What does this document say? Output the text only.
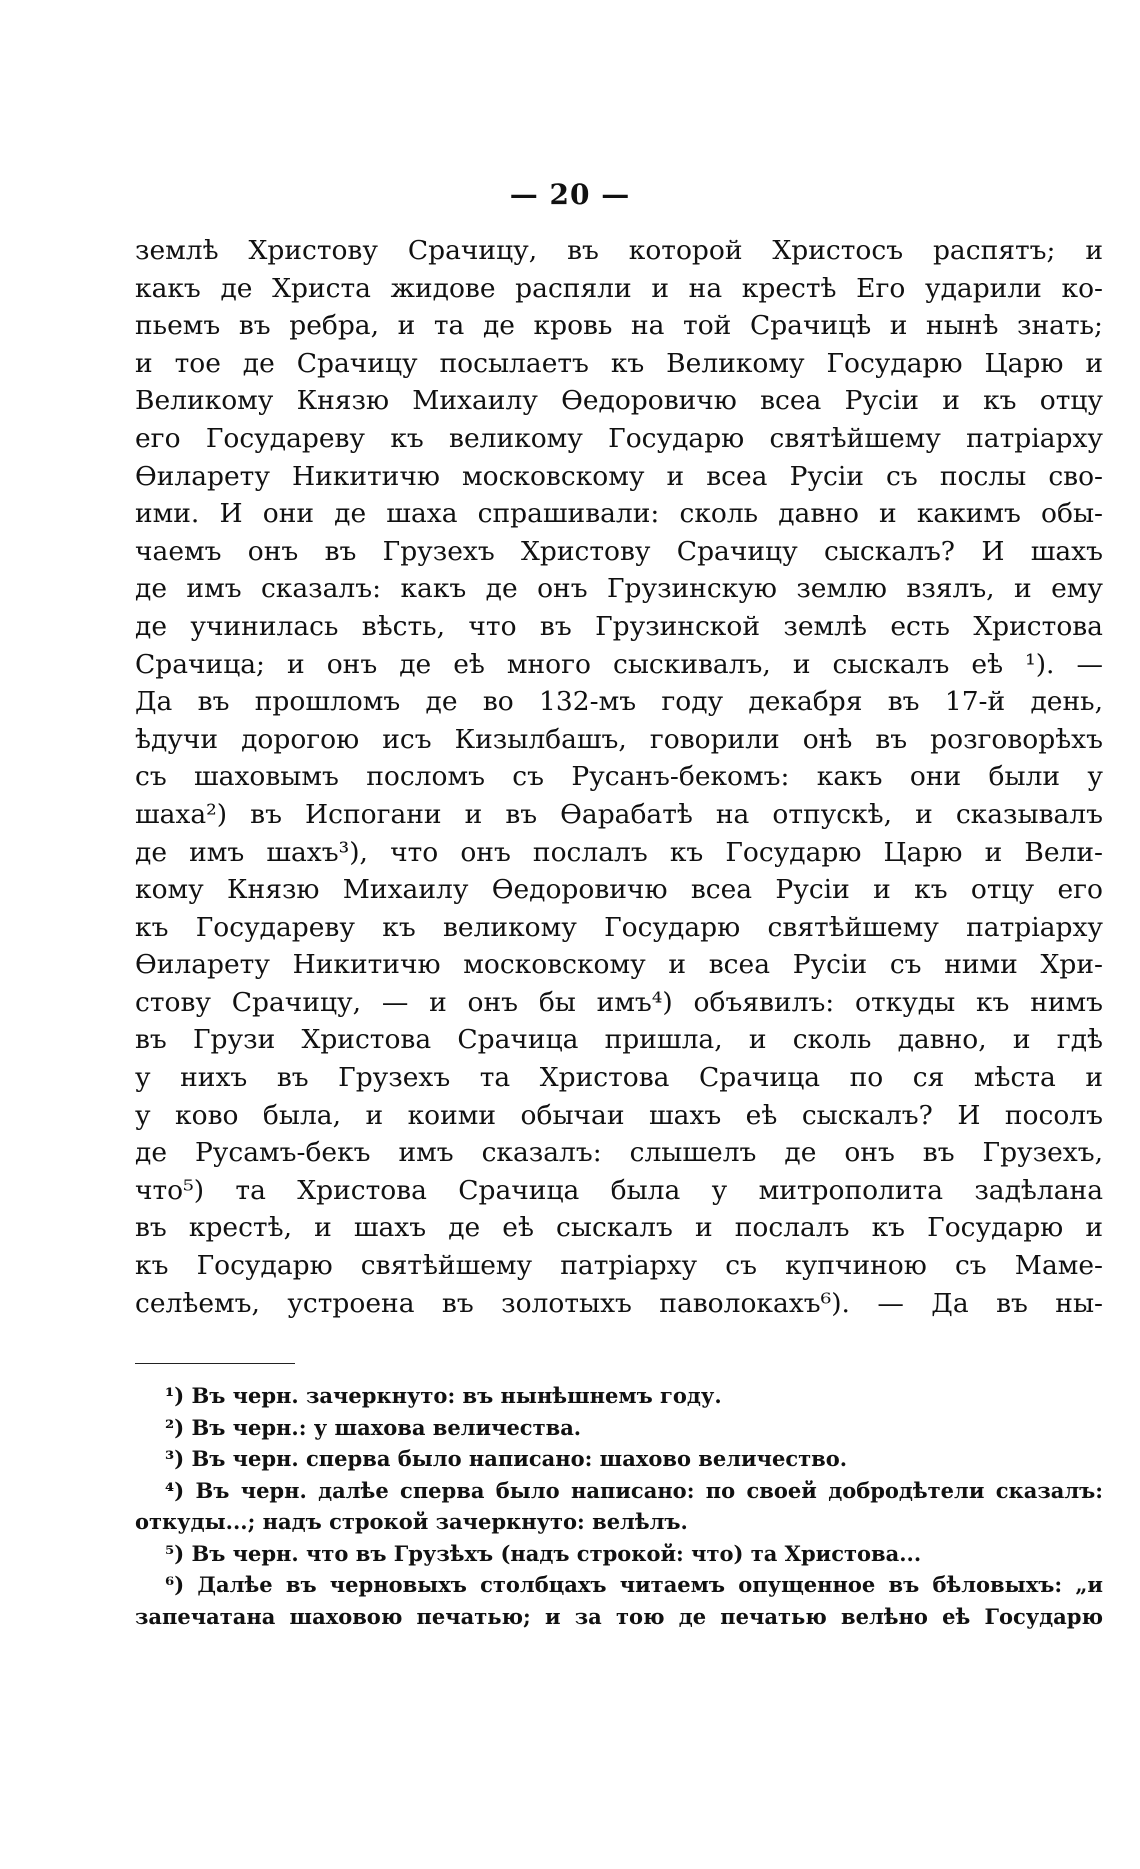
— 20 —
землѣ Христову Срачицу, въ которой Христосъ распятъ; и
какъ де Христа жидове распяли и на крестѣ Его ударили ко-
пьемъ въ ребра, и та де кровь на той Срачицѣ и нынѣ знать;
и тое де Срачицу посылаетъ къ Великому Государю Царю и
Великому Князю Михаилу Өедоровичю всеа Русіи и къ отцу
его Государеву къ великому Государю святѣйшему патріарху
Өиларету Никитичю московскому и всеа Русіи съ послы сво-
ими. И они де шаха спрашивали: сколь давно и какимъ обы-
чаемъ онъ въ Грузехъ Христову Срачицу сыскалъ? И шахъ
де имъ сказалъ: какъ де онъ Грузинскую землю взялъ, и ему
де учинилась вѣсть, что въ Грузинской землѣ есть Христова
Срачица; и онъ де еѣ много сыскивалъ, и сыскалъ еѣ ¹). —
Да въ прошломъ де во 132-мъ году декабря въ 17-й день,
ѣдучи дорогою исъ Кизылбашъ, говорили онѣ въ розговорѣхъ
съ шаховымъ посломъ съ Русанъ-бекомъ: какъ они были у
шаха²) въ Испогани и въ Өарабатѣ на отпускѣ, и сказывалъ
де имъ шахъ³), что онъ послалъ къ Государю Царю и Вели-
кому Князю Михаилу Өедоровичю всеа Русіи и къ отцу его
къ Государеву къ великому Государю святѣйшему патріарху
Өиларету Никитичю московскому и всеа Русіи съ ними Хри-
стову Срачицу, — и онъ бы имъ⁴) объявилъ: откуды къ нимъ
въ Грузи Христова Срачица пришла, и сколь давно, и гдѣ
у нихъ въ Грузехъ та Христова Срачица по ся мѣста и
у ково была, и коими обычаи шахъ еѣ сыскалъ? И посолъ
де Русамъ-бекъ имъ сказалъ: слышелъ де онъ въ Грузехъ,
что⁵) та Христова Срачица была у митрополита задѣлана
въ крестѣ, и шахъ де еѣ сыскалъ и послалъ къ Государю и
къ Государю святѣйшему патріарху съ купчиною съ Маме-
селѣемъ, устроена въ золотыхъ паволокахъ⁶). — Да въ ны-
¹) Въ черн. зачеркнуто: въ нынѣшнемъ году.
²) Въ черн.: у шахова величества.
³) Въ черн. сперва было написано: шахово величество.
⁴) Въ черн. далѣе сперва было написано: по своей добродѣтели сказалъ:
откуды...; надъ строкой зачеркнуто: велѣлъ.
⁵) Въ черн. что въ Грузѣхъ (надъ строкой: что) та Христова...
⁶) Далѣе въ черновыхъ столбцахъ читаемъ опущенное въ бѣловыхъ: „и
запечатана шаховою печатью; и за тою де печатью велѣно еѣ Государю
